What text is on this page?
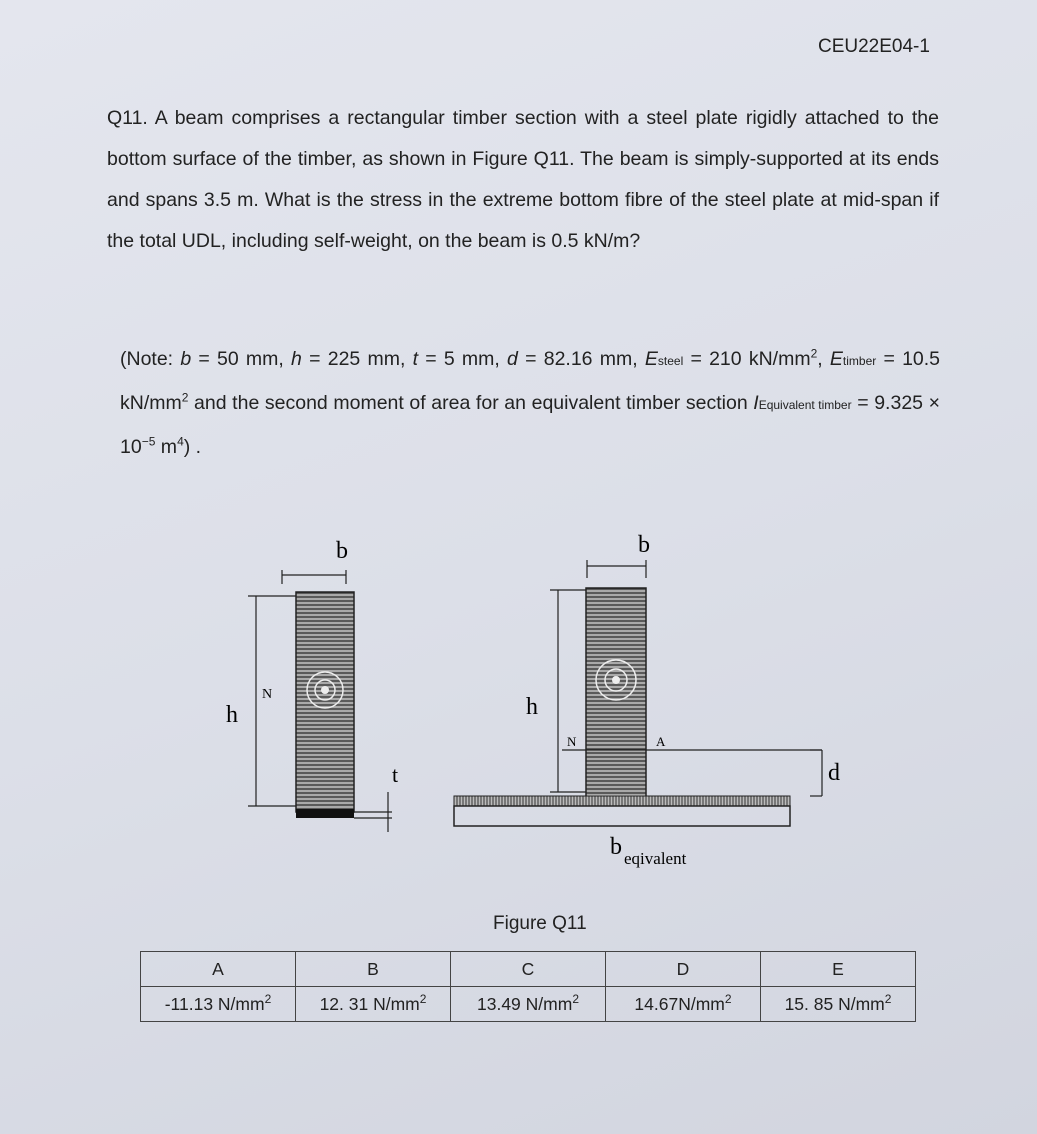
CEU22E04-1
Q11. A beam comprises a rectangular timber section with a steel plate rigidly attached to the bottom surface of the timber, as shown in Figure Q11. The beam is simply-supported at its ends and spans 3.5 m. What is the stress in the extreme bottom fibre of the steel plate at mid-span if the total UDL, including self-weight, on the beam is 0.5 kN/m?
(Note: b = 50 mm, h = 225 mm, t = 5 mm, d = 82.16 mm, Esteel = 210 $kN/mm^2$, Etimber = 10.5 $kN/mm^2$ and the second moment of area for an equivalent timber section IEquivalent timber = $9.325 \times 10^{-5}$ $m^4$) .
b
h
N
t
b
h
N	A
d
b eqivalent
Figure Q11
A	B	C	D	E
-11.13 $N/mm^2$	12. 31 $N/mm^2$	13.49 $N/mm^2$	$14.67N/mm^2$	15. 85 $N/mm^2$
